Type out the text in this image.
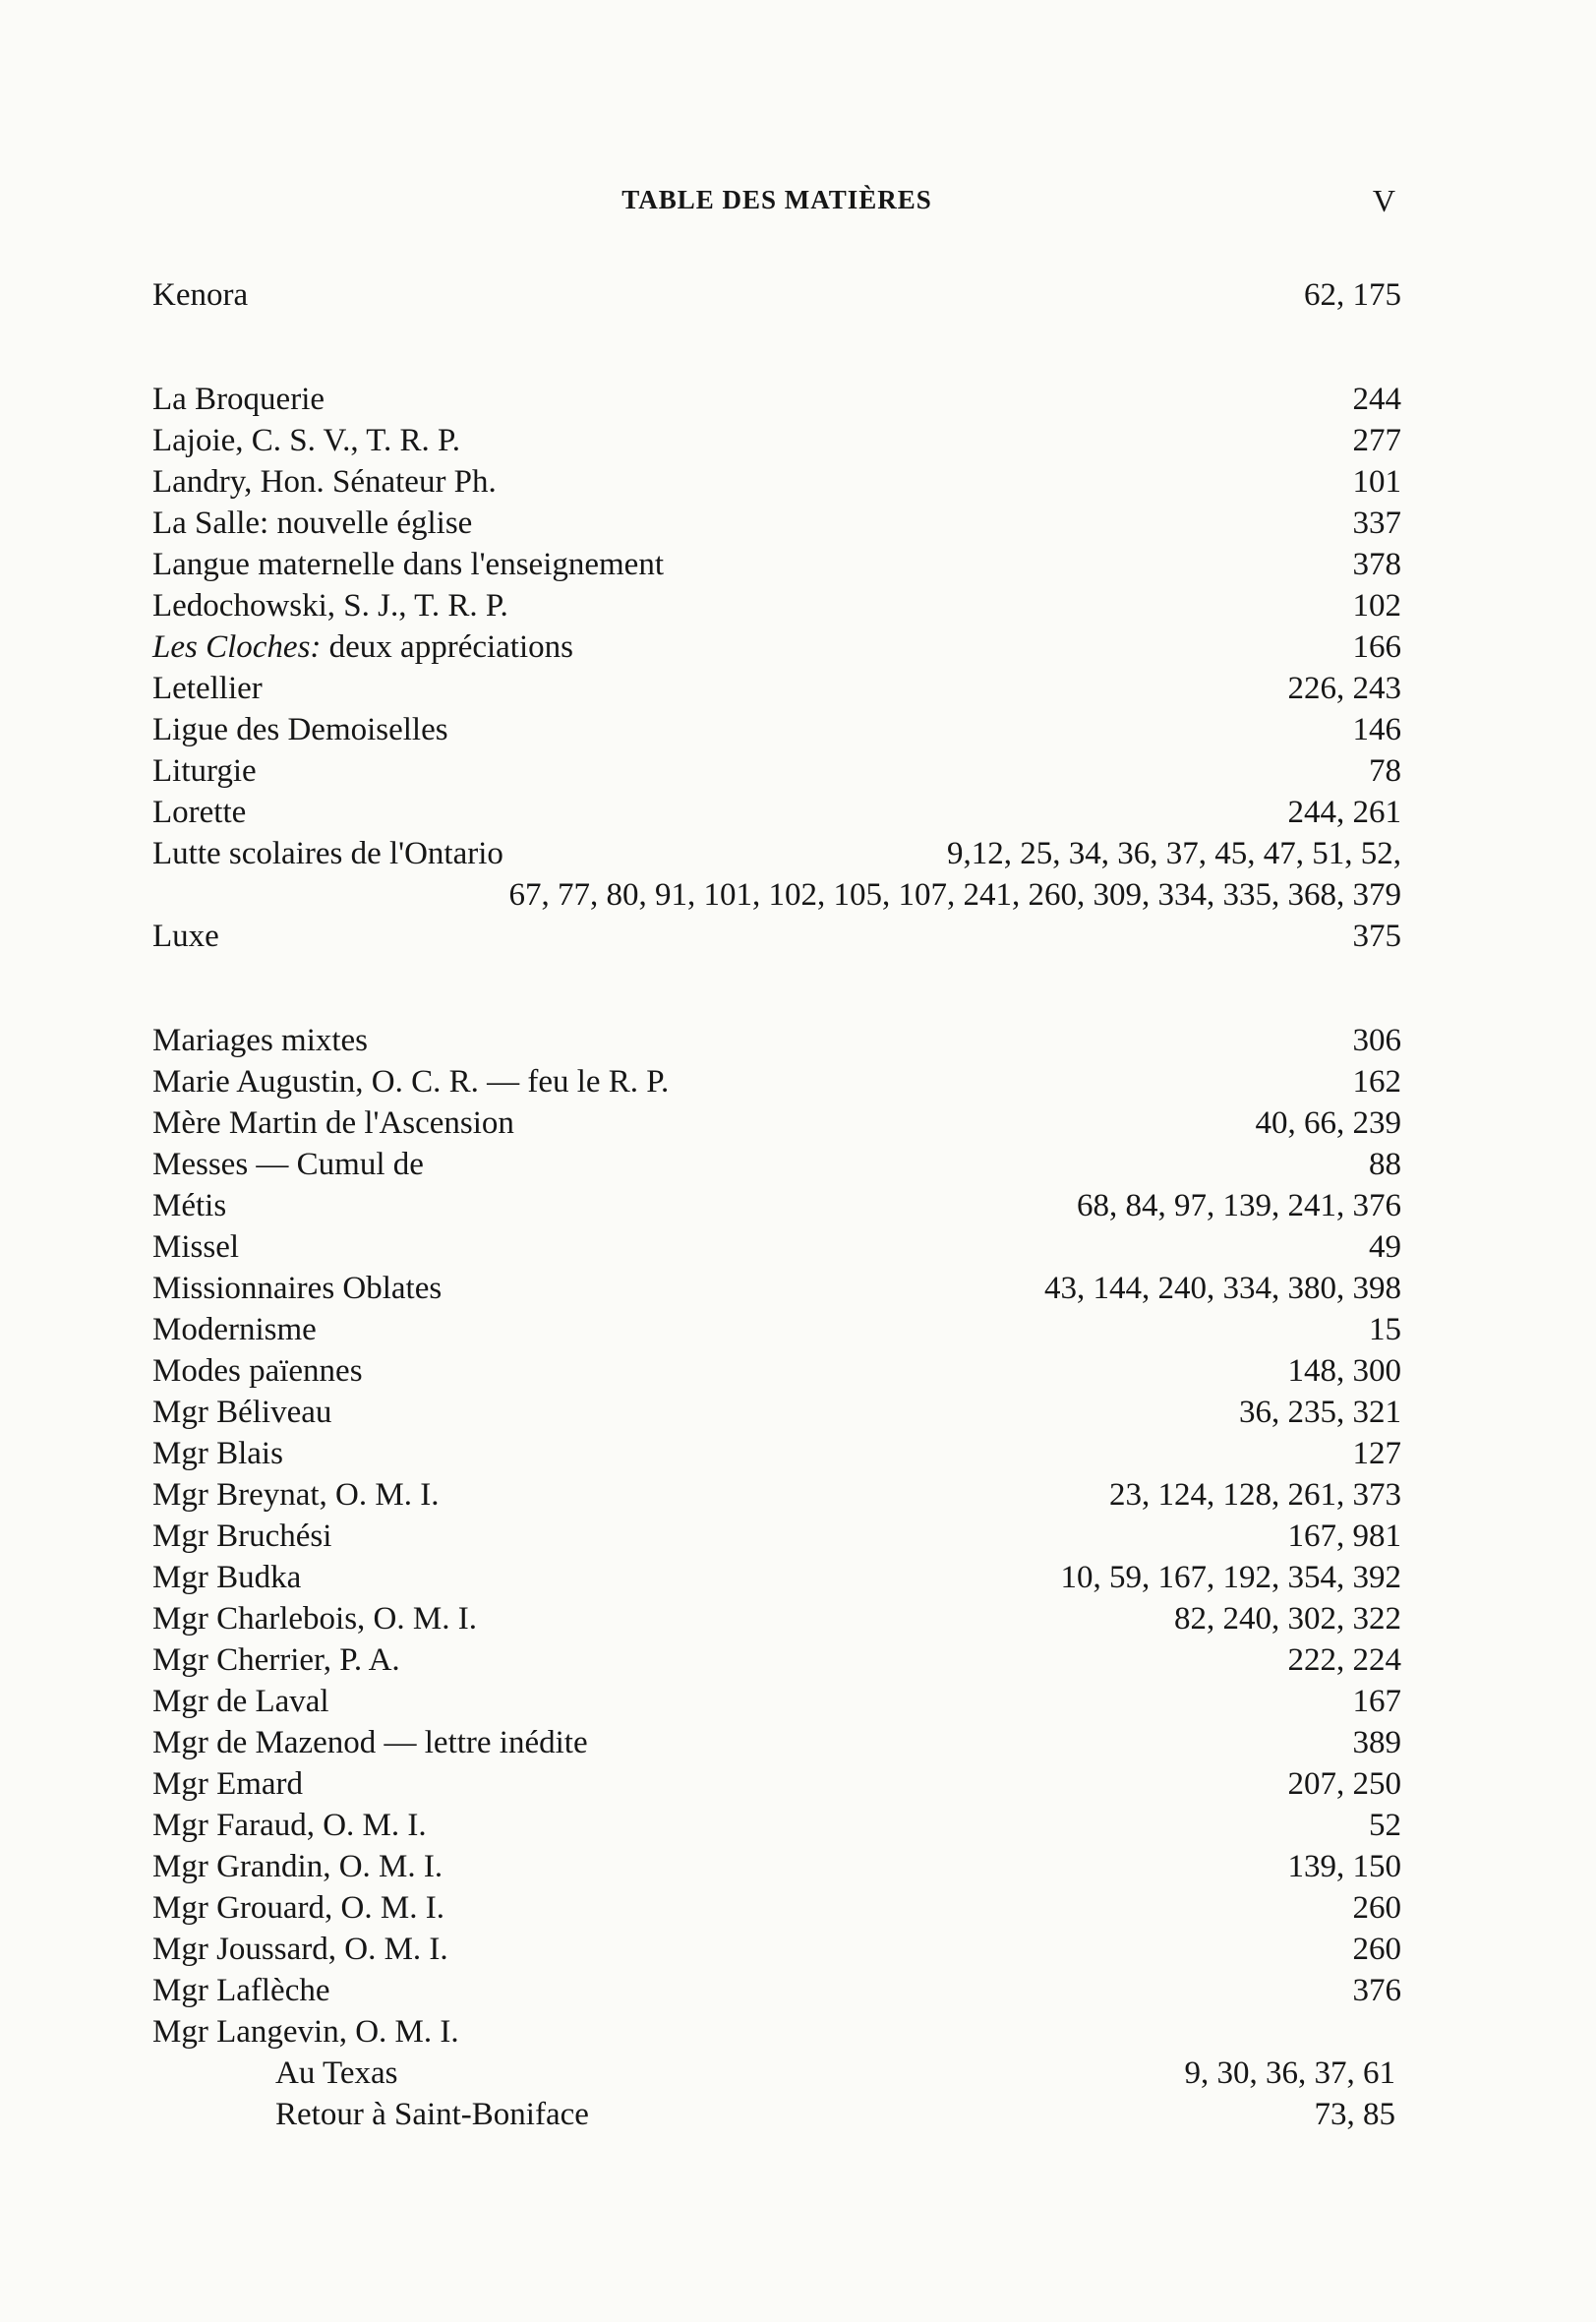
TABLE DES MATIÈRES	V
Kenora	62, 175
La Broquerie	244
Lajoie, C. S. V., T. R. P.	277
Landry, Hon. Sénateur Ph.	101
La Salle: nouvelle église	337
Langue maternelle dans l'enseignement	378
Ledochowski, S. J., T. R. P.	102
Les Cloches: deux appréciations	166
Letellier	226, 243
Ligue des Demoiselles	146
Liturgie	78
Lorette	244, 261
Lutte scolaires de l'Ontario	9,12, 25, 34, 36, 37, 45, 47, 51, 52,
67, 77, 80, 91, 101, 102, 105, 107, 241, 260, 309, 334, 335, 368, 379
Luxe	375
Mariages mixtes	306
Marie Augustin, O. C. R. — feu le R. P.	162
Mère Martin de l'Ascension	40, 66, 239
Messes — Cumul de	88
Métis	68, 84, 97, 139, 241, 376
Missel	49
Missionnaires Oblates	43, 144, 240, 334, 380, 398
Modernisme	15
Modes païennes	148, 300
Mgr Béliveau	36, 235, 321
Mgr Blais	127
Mgr Breynat, O. M. I.	23, 124, 128, 261, 373
Mgr Bruchési	167, 981
Mgr Budka	10, 59, 167, 192, 354, 392
Mgr Charlebois, O. M. I.	82, 240, 302, 322
Mgr Cherrier, P. A.	222, 224
Mgr de Laval	167
Mgr de Mazenod — lettre inédite	389
Mgr Emard	207, 250
Mgr Faraud, O. M. I.	52
Mgr Grandin, O. M. I.	139, 150
Mgr Grouard, O. M. I.	260
Mgr Joussard, O. M. I.	260
Mgr Laflèche	376
Mgr Langevin, O. M. I.
Au Texas	9, 30, 36, 37, 61
Retour à Saint-Boniface	73, 85
